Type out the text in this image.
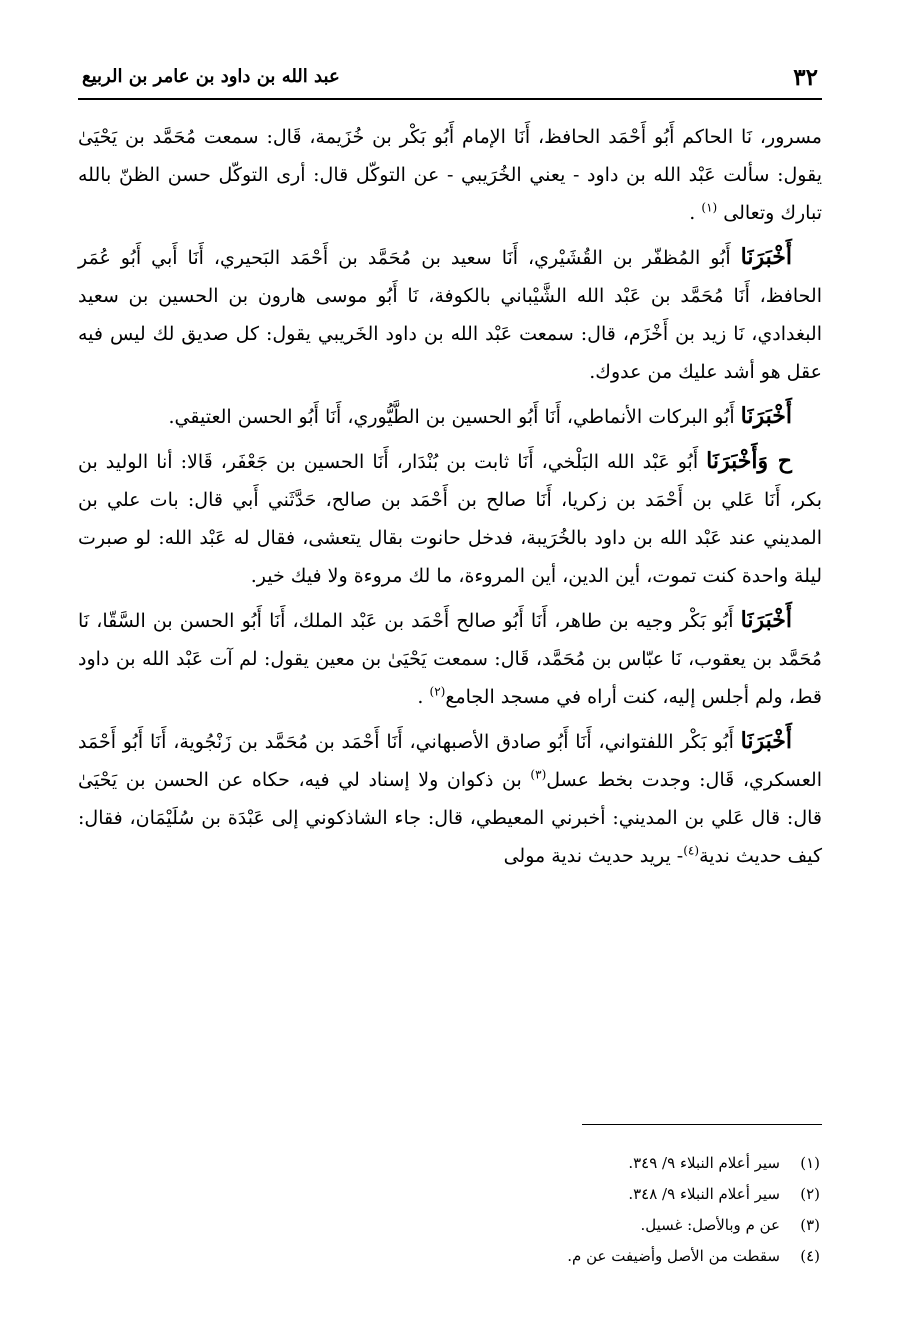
٣٢
عبد الله بن داود بن عامر بن الربيع

مسرور، نَا الحاكم أَبُو أَحْمَد الحافظ، أَنَا الإمام أَبُو بَكْر بن خُزَيمة، قَال: سمعت مُحَمَّد بن يَحْيَىٰ يقول: سألت عَبْد الله بن داود - يعني الخُرَيبي - عن التوكّل قال: أرى التوكّل حسن الظنّ بالله تبارك وتعالى $^{(١)}$ .

أَخْبَرَنَا أَبُو المُظفّر بن القُشَيْري، أَنَا سعيد بن مُحَمَّد بن أَحْمَد البَحيري، أَنَا أَبي أَبُو عُمَر الحافظ، أَنَا مُحَمَّد بن عَبْد الله الشَّيْباني بالكوفة، نَا أَبُو موسى هارون بن الحسين بن سعيد البغدادي، نَا زيد بن أَخْزَم، قال: سمعت عَبْد الله بن داود الخَريبي يقول: كل صديق لك ليس فيه عقل هو أشد عليك من عدوك.

أَخْبَرَنَا أَبُو البركات الأنماطي، أَنَا أَبُو الحسين بن الطَّيُّوري، أَنَا أَبُو الحسن العتيقي.

ح وَأَخْبَرَنَا أَبُو عَبْد الله البَلْخي، أَنَا ثابت بن بُنْدَار، أَنَا الحسين بن جَعْفَر، قَالا: أنا الوليد بن بكر، أَنَا عَلي بن أَحْمَد بن زكريا، أَنَا صالح بن أَحْمَد بن صالح، حَدَّثَني أَبي قال: بات علي بن المديني عند عَبْد الله بن داود بالخُرَيبة، فدخل حانوت بقال يتعشى، فقال له عَبْد الله: لو صبرت ليلة واحدة كنت تموت، أين الدين، أين المروءة، ما لك مروءة ولا فيك خير.

أَخْبَرَنَا أَبُو بَكْر وجيه بن طاهر، أَنَا أَبُو صالح أَحْمَد بن عَبْد الملك، أَنَا أَبُو الحسن بن السَّقّا، نَا مُحَمَّد بن يعقوب، نَا عبّاس بن مُحَمَّد، قَال: سمعت يَحْيَىٰ بن معين يقول: لم آت عَبْد الله بن داود قط، ولم أجلس إليه، كنت أراه في مسجد الجامع$^{(٢)}$ .

أَخْبَرَنَا أَبُو بَكْر اللفتواني، أَنَا أَبُو صادق الأصبهاني، أَنَا أَحْمَد بن مُحَمَّد بن زَنْجُوية، أَنَا أَبُو أَحْمَد العسكري، قَال: وجدت بخط عسل$^{(٣)}$ بن ذكوان ولا إسناد لي فيه، حكاه عن الحسن بن يَحْيَىٰ قال: قال عَلي بن المديني: أخبرني المعيطي، قال: جاء الشاذكوني إلى عَبْدَة بن سُلَيْمَان، فقال: كيف حديث ندية$^{(٤)}$- يريد حديث ندية مولى

(١)سير أعلام النبلاء ٩/ ٣٤٩.
(٢)سير أعلام النبلاء ٩/ ٣٤٨.
(٣)عن م وبالأصل: غسيل.
(٤)سقطت من الأصل وأضيفت عن م.
